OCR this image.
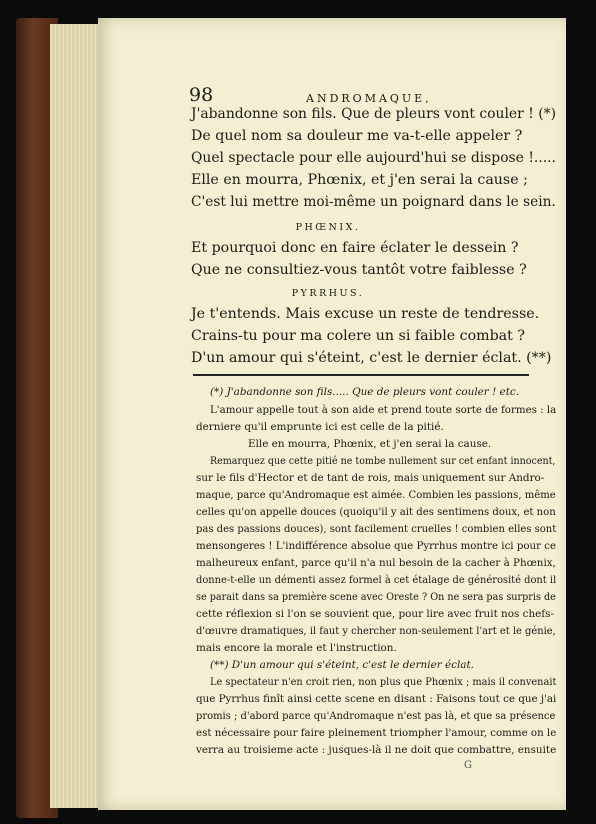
98	ANDROMAQUE,
J'abandonne son fils. Que de pleurs vont couler ! (*)
De quel nom sa douleur me va-t-elle appeler ?
Quel spectacle pour elle aujourd'hui se dispose !.....
Elle en mourra, Phœnix, et j'en serai la cause ;
C'est lui mettre moi-même un poignard dans le sein.
PHŒNIX.
Et pourquoi donc en faire éclater le dessein ?
Que ne consultiez-vous tantôt votre faiblesse ?
PYRRHUS.
Je t'entends. Mais excuse un reste de tendresse.
Crains-tu pour ma colere un si faible combat ?
D'un amour qui s'éteint, c'est le dernier éclat. (**)
(*) J'abandonne son fils..... Que de pleurs vont couler ! etc.
L'amour appelle tout à son aide et prend toute sorte de formes : la
derniere qu'il emprunte ici est celle de la pitié.
Elle en mourra, Phœnix, et j'en serai la cause.
Remarquez que cette pitié ne tombe nullement sur cet enfant innocent,
sur le fils d'Hector et de tant de rois, mais uniquement sur Andro-
maque, parce qu'Andromaque est aimée. Combien les passions, même
celles qu'on appelle douces (quoiqu'il y ait des sentimens doux, et non
pas des passions douces), sont facilement cruelles ! combien elles sont
mensongeres ! L'indifférence absolue que Pyrrhus montre ici pour ce
malheureux enfant, parce qu'il n'a nul besoin de la cacher à Phœnix,
donne-t-elle un démenti assez formel à cet étalage de générosité dont il
se parait dans sa première scene avec Oreste ? On ne sera pas surpris de
cette réflexion si l'on se souvient que, pour lire avec fruit nos chefs-
d'œuvre dramatiques, il faut y chercher non-seulement l'art et le génie,
mais encore la morale et l'instruction.
(**) D'un amour qui s'éteint, c'est le dernier éclat.
Le spectateur n'en croit rien, non plus que Phœnix ; mais il convenait
que Pyrrhus finît ainsi cette scene en disant : Faisons tout ce que j'ai
promis ; d'abord parce qu'Andromaque n'est pas là, et que sa présence
est nécessaire pour faire pleinement triompher l'amour, comme on le
verra au troisieme acte : jusques-là il ne doit que combattre, ensuite
G
